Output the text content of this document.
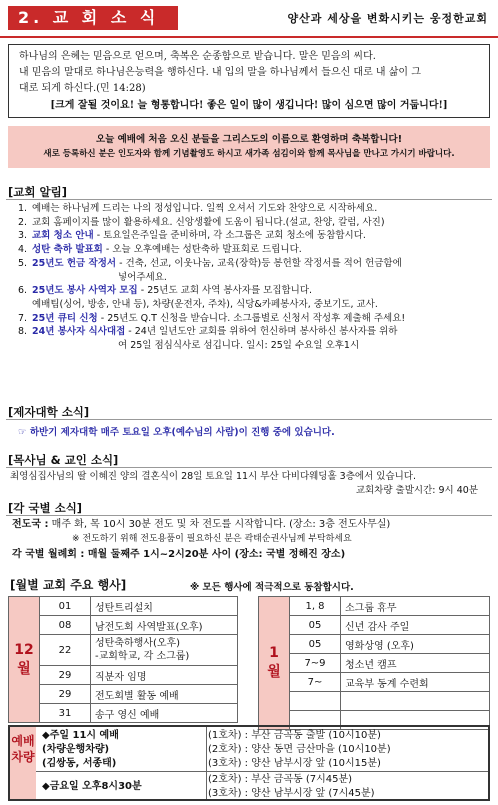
2. 교 회 소 식	양산과 세상을 변화시키는 웅정한교회
하나님의 은혜는 믿음으로 얻으며, 축복은 순종함으로 받습니다. 말은 믿음의 씨다.
내 믿음의 말대로 하나님은능력을 행하신다. 내 입의 말을 하나님께서 들으신 대로 내 삶이 그
대로 되게 하신다.(민 14:28)
[크게 잘될 것이요! 늘 형통합니다! 좋은 일이 많이 생깁니다! 많이 심으면 많이 거둡니다!]
오늘 예배에 처음 오신 분들을 그리스도의 이름으로 환영하며 축복합니다!
새로 등록하신 분은 인도자와 함께 기념촬영도 하시고 새가족 섬김이와 함께 목사님을 만나고 가시기 바랍니다.
[교회 알림]
1. 예배는 하나님께 드리는 나의 정성입니다. 일찍 오셔서 기도와 찬양으로 시작하세요.
2. 교회 홈페이지를 많이 활용하세요. 신앙생활에 도움이 됩니다.(설교, 찬양, 칼럼, 사진)
3. 교회 청소 안내 - 토요일은주일을 준비하며, 각 소그룹은 교회 청소에 동참합시다.
4. 성탄 축하 발표회 - 오늘 오후예배는 성탄축하 발표회로 드립니다.
5. 25년도 헌금 작정서 - 건축, 선교, 이웃나눔, 교육(장학)등 봉헌할 작정서를 적어 헌금함에
넣어주세요.
6. 25년도 봉사 사역자 모집 - 25년도 교회 사역 봉사자를 모집합니다.
예배팀(싱어, 방송, 안내 등), 차량(운전자, 주차), 식당&카페봉사자, 중보기도, 교사.
7. 25년 큐티 신청 - 25년도 Q.T 신청을 받습니다. 소그룹별로 신청서 작성후 제출해 주세요!
8. 24년 봉사자 식사대접 - 24년 일년도안 교회를 위하여 헌신하며 봉사하신 봉사자를 위하
여 25일 점심식사로 섬깁니다. 일시: 25일 수요일 오후1시
[제자대학 소식]
☞ 하반기 제자대학 매주 토요일 오후(예수님의 사람)이 진행 중에 있습니다.
[목사님 & 교인 소식]
최영심집사님의 딸 이혜진 양의 결혼식이 28일 토요일 11시 부산 다비다웨딩홀 3층에서 있습니다.
교회차량 출발시간: 9시 40분
[각 국별 소식]
전도국 : 매주 화, 목 10시 30분 전도 및 차 전도를 시작합니다. (장소: 3층 전도사무실)
※ 전도하기 위해 전도용품이 필요하신 분은 곽태순권사님께 부탁하세요
각 국별 월례회 : 매월 둘째주 1시~2시20분 사이 (장소: 국별 정해진 장소)
[월별 교회 주요 행사]	※ 모든 행사에 적극적으로 동참합시다.
12월	01	성탄트리설치
	08	남전도회 사역발표(오후)
	22	성탄축하행사(오후)
-교회학교, 각 소그룹)
	29	직분자 임명
	29	전도회별 활동 예배
	31	송구 영신 예배
1월	1, 8	소그룹 휴무
	05	신년 감사 주일
	05	영화상영 (오후)
	7~9	청소년 캠프
	7~	교육부 동계 수련회

예배차량
◆주일 11시 예배
(차량운행차량)
(김쌍동, 서종태)
(1호차) : 부산 금곡동 출발 (10시10분)
(2호차) : 양산 동면 금산마을 (10시10분)
(3호차) : 양산 남부시장 앞 (10시15분)
◆금요일 오후8시30분
(2호차) : 부산 금곡동 (7시45분)
(3호차) : 양산 남부시장 앞 (7시45분)
